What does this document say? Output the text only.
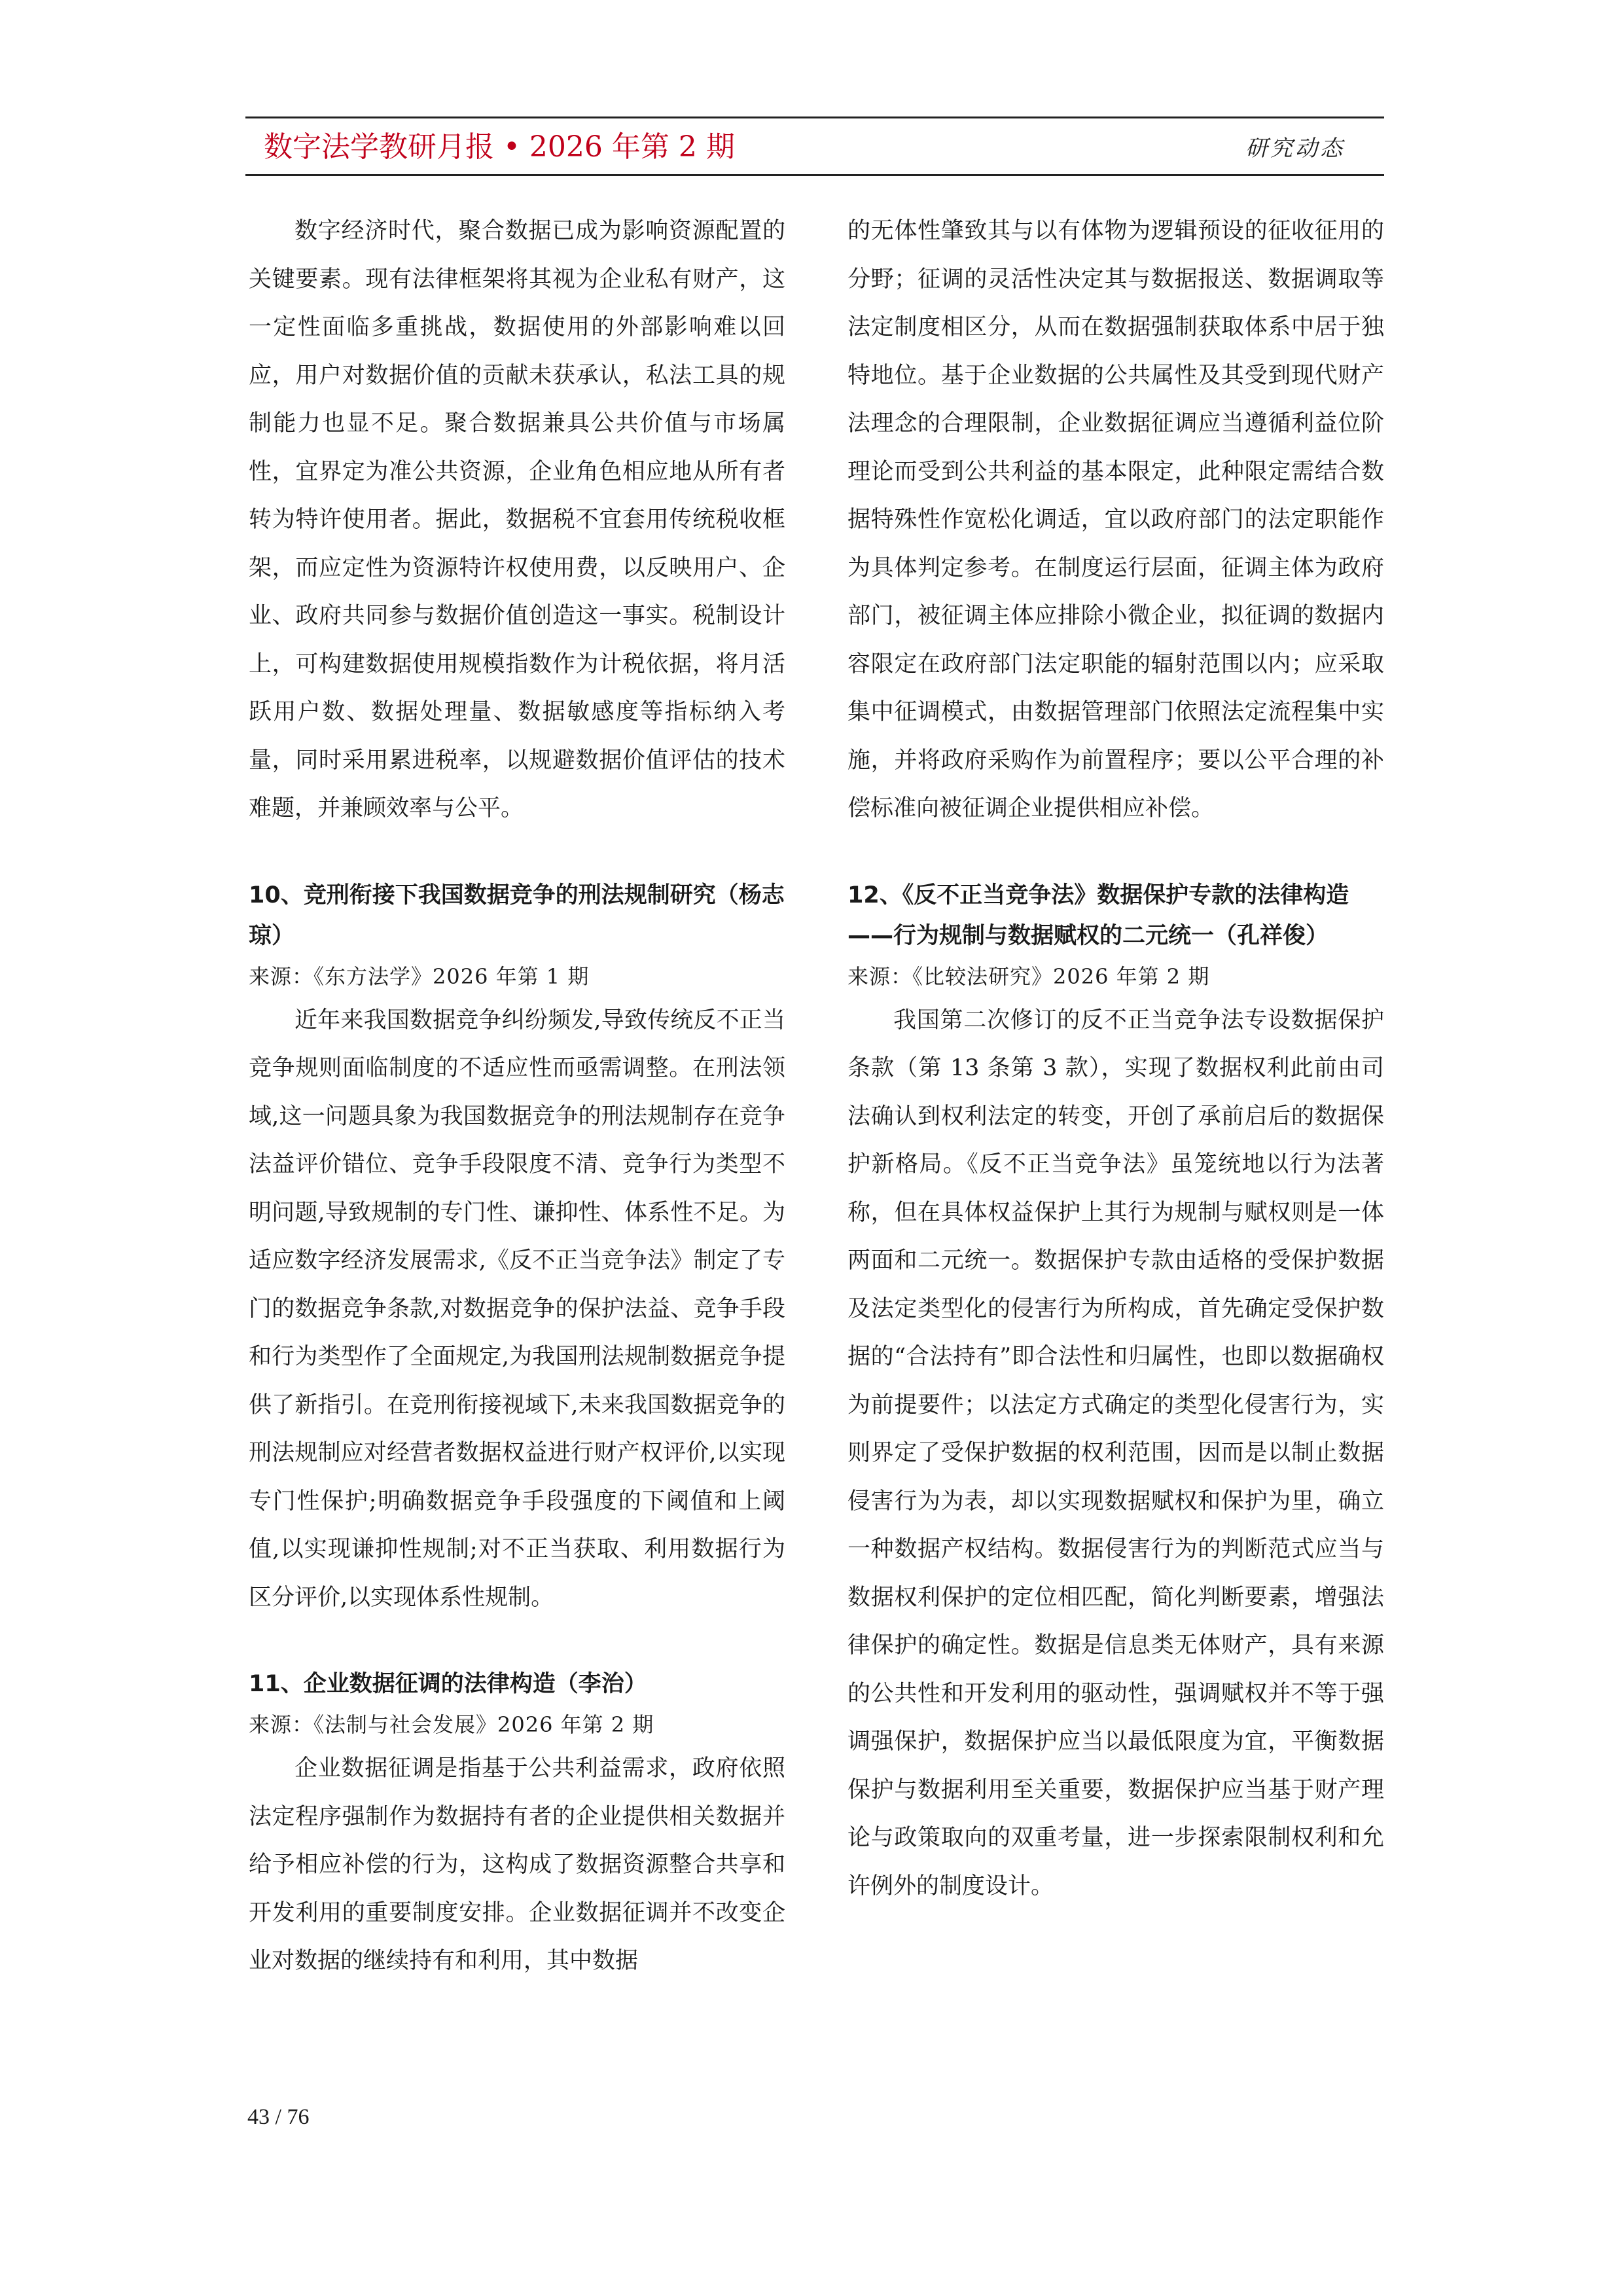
数字法学教研月报 • 2026 年第 2 期	研究动态

数字经济时代，聚合数据已成为影响资源配置的关键要素。现有法律框架将其视为企业私有财产，这一定性面临多重挑战，数据使用的外部影响难以回应，用户对数据价值的贡献未获承认，私法工具的规制能力也显不足。聚合数据兼具公共价值与市场属性，宜界定为准公共资源，企业角色相应地从所有者转为特许使用者。据此，数据税不宜套用传统税收框架，而应定性为资源特许权使用费，以反映用户、企业、政府共同参与数据价值创造这一事实。税制设计上，可构建数据使用规模指数作为计税依据，将月活跃用户数、数据处理量、数据敏感度等指标纳入考量，同时采用累进税率，以规避数据价值评估的技术难题，并兼顾效率与公平。

10、竞刑衔接下我国数据竞争的刑法规制研究（杨志琼）
来源：《东方法学》2026 年第 1 期

近年来我国数据竞争纠纷频发,导致传统反不正当竞争规则面临制度的不适应性而亟需调整。在刑法领域,这一问题具象为我国数据竞争的刑法规制存在竞争法益评价错位、竞争手段限度不清、竞争行为类型不明问题,导致规制的专门性、谦抑性、体系性不足。为适应数字经济发展需求,《反不正当竞争法》制定了专门的数据竞争条款,对数据竞争的保护法益、竞争手段和行为类型作了全面规定,为我国刑法规制数据竞争提供了新指引。在竞刑衔接视域下,未来我国数据竞争的刑法规制应对经营者数据权益进行财产权评价,以实现专门性保护;明确数据竞争手段强度的下阈值和上阈值,以实现谦抑性规制;对不正当获取、利用数据行为区分评价,以实现体系性规制。

11、企业数据征调的法律构造（李治）
来源：《法制与社会发展》2026 年第 2 期

企业数据征调是指基于公共利益需求，政府依照法定程序强制作为数据持有者的企业提供相关数据并给予相应补偿的行为，这构成了数据资源整合共享和开发利用的重要制度安排。企业数据征调并不改变企业对数据的继续持有和利用，其中数据

的无体性肇致其与以有体物为逻辑预设的征收征用的分野；征调的灵活性决定其与数据报送、数据调取等法定制度相区分，从而在数据强制获取体系中居于独特地位。基于企业数据的公共属性及其受到现代财产法理念的合理限制，企业数据征调应当遵循利益位阶理论而受到公共利益的基本限定，此种限定需结合数据特殊性作宽松化调适，宜以政府部门的法定职能作为具体判定参考。在制度运行层面，征调主体为政府部门，被征调主体应排除小微企业，拟征调的数据内容限定在政府部门法定职能的辐射范围以内；应采取集中征调模式，由数据管理部门依照法定流程集中实施，并将政府采购作为前置程序；要以公平合理的补偿标准向被征调企业提供相应补偿。

12、《反不正当竞争法》数据保护专款的法律构造——行为规制与数据赋权的二元统一（孔祥俊）
来源：《比较法研究》2026 年第 2 期

我国第二次修订的反不正当竞争法专设数据保护条款（第 13 条第 3 款），实现了数据权利此前由司法确认到权利法定的转变，开创了承前启后的数据保护新格局。《反不正当竞争法》虽笼统地以行为法著称，但在具体权益保护上其行为规制与赋权则是一体两面和二元统一。数据保护专款由适格的受保护数据及法定类型化的侵害行为所构成，首先确定受保护数据的“合法持有”即合法性和归属性，也即以数据确权为前提要件；以法定方式确定的类型化侵害行为，实则界定了受保护数据的权利范围，因而是以制止数据侵害行为为表，却以实现数据赋权和保护为里，确立一种数据产权结构。数据侵害行为的判断范式应当与数据权利保护的定位相匹配，简化判断要素，增强法律保护的确定性。数据是信息类无体财产，具有来源的公共性和开发利用的驱动性，强调赋权并不等于强调强保护，数据保护应当以最低限度为宜，平衡数据保护与数据利用至关重要，数据保护应当基于财产理论与政策取向的双重考量，进一步探索限制权利和允许例外的制度设计。

43 / 76
